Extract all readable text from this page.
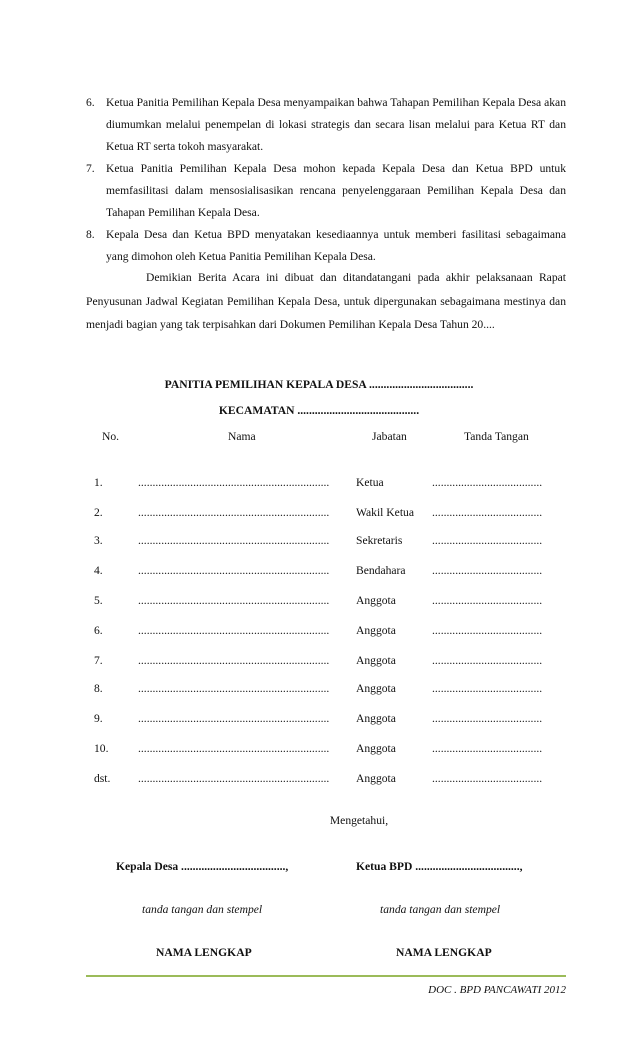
6. Ketua Panitia Pemilihan Kepala Desa menyampaikan bahwa Tahapan Pemilihan Kepala Desa akan diumumkan melalui penempelan di lokasi strategis dan secara lisan melalui para Ketua RT dan Ketua RT serta tokoh masyarakat.
7. Ketua Panitia Pemilihan Kepala Desa mohon kepada Kepala Desa dan Ketua BPD untuk memfasilitasi dalam mensosialisasikan rencana penyelenggaraan Pemilihan Kepala Desa dan Tahapan Pemilihan Kepala Desa.
8. Kepala Desa dan Ketua BPD menyatakan kesediaannya untuk memberi fasilitasi sebagaimana yang dimohon oleh Ketua Panitia Pemilihan Kepala Desa.
Demikian Berita Acara ini dibuat dan ditandatangani pada akhir pelaksanaan Rapat Penyusunan Jadwal Kegiatan Pemilihan Kepala Desa, untuk dipergunakan sebagaimana mestinya dan menjadi bagian yang tak terpisahkan dari Dokumen Pemilihan Kepala Desa Tahun 20....
PANITIA PEMILIHAN KEPALA DESA ....................................
KECAMATAN ..........................................
No.	Nama	Jabatan	Tanda Tangan
1.	.................................................................. Ketua	......................................
2.	.................................................................. Wakil Ketua ......................................
3.	.................................................................. Sekretaris	......................................
4.	.................................................................. Bendahara ......................................
5.	.................................................................. Anggota	......................................
6.	.................................................................. Anggota	......................................
7.	.................................................................. Anggota	......................................
8.	.................................................................. Anggota	......................................
9.	.................................................................. Anggota	......................................
10.	.................................................................. Anggota	......................................
dst. .................................................................. Anggota	......................................
Mengetahui,
Kepala Desa ....................................,	Ketua BPD ....................................,
tanda tangan dan stempel	tanda tangan dan stempel
NAMA LENGKAP	NAMA LENGKAP
DOC . BPD PANCAWATI 2012
